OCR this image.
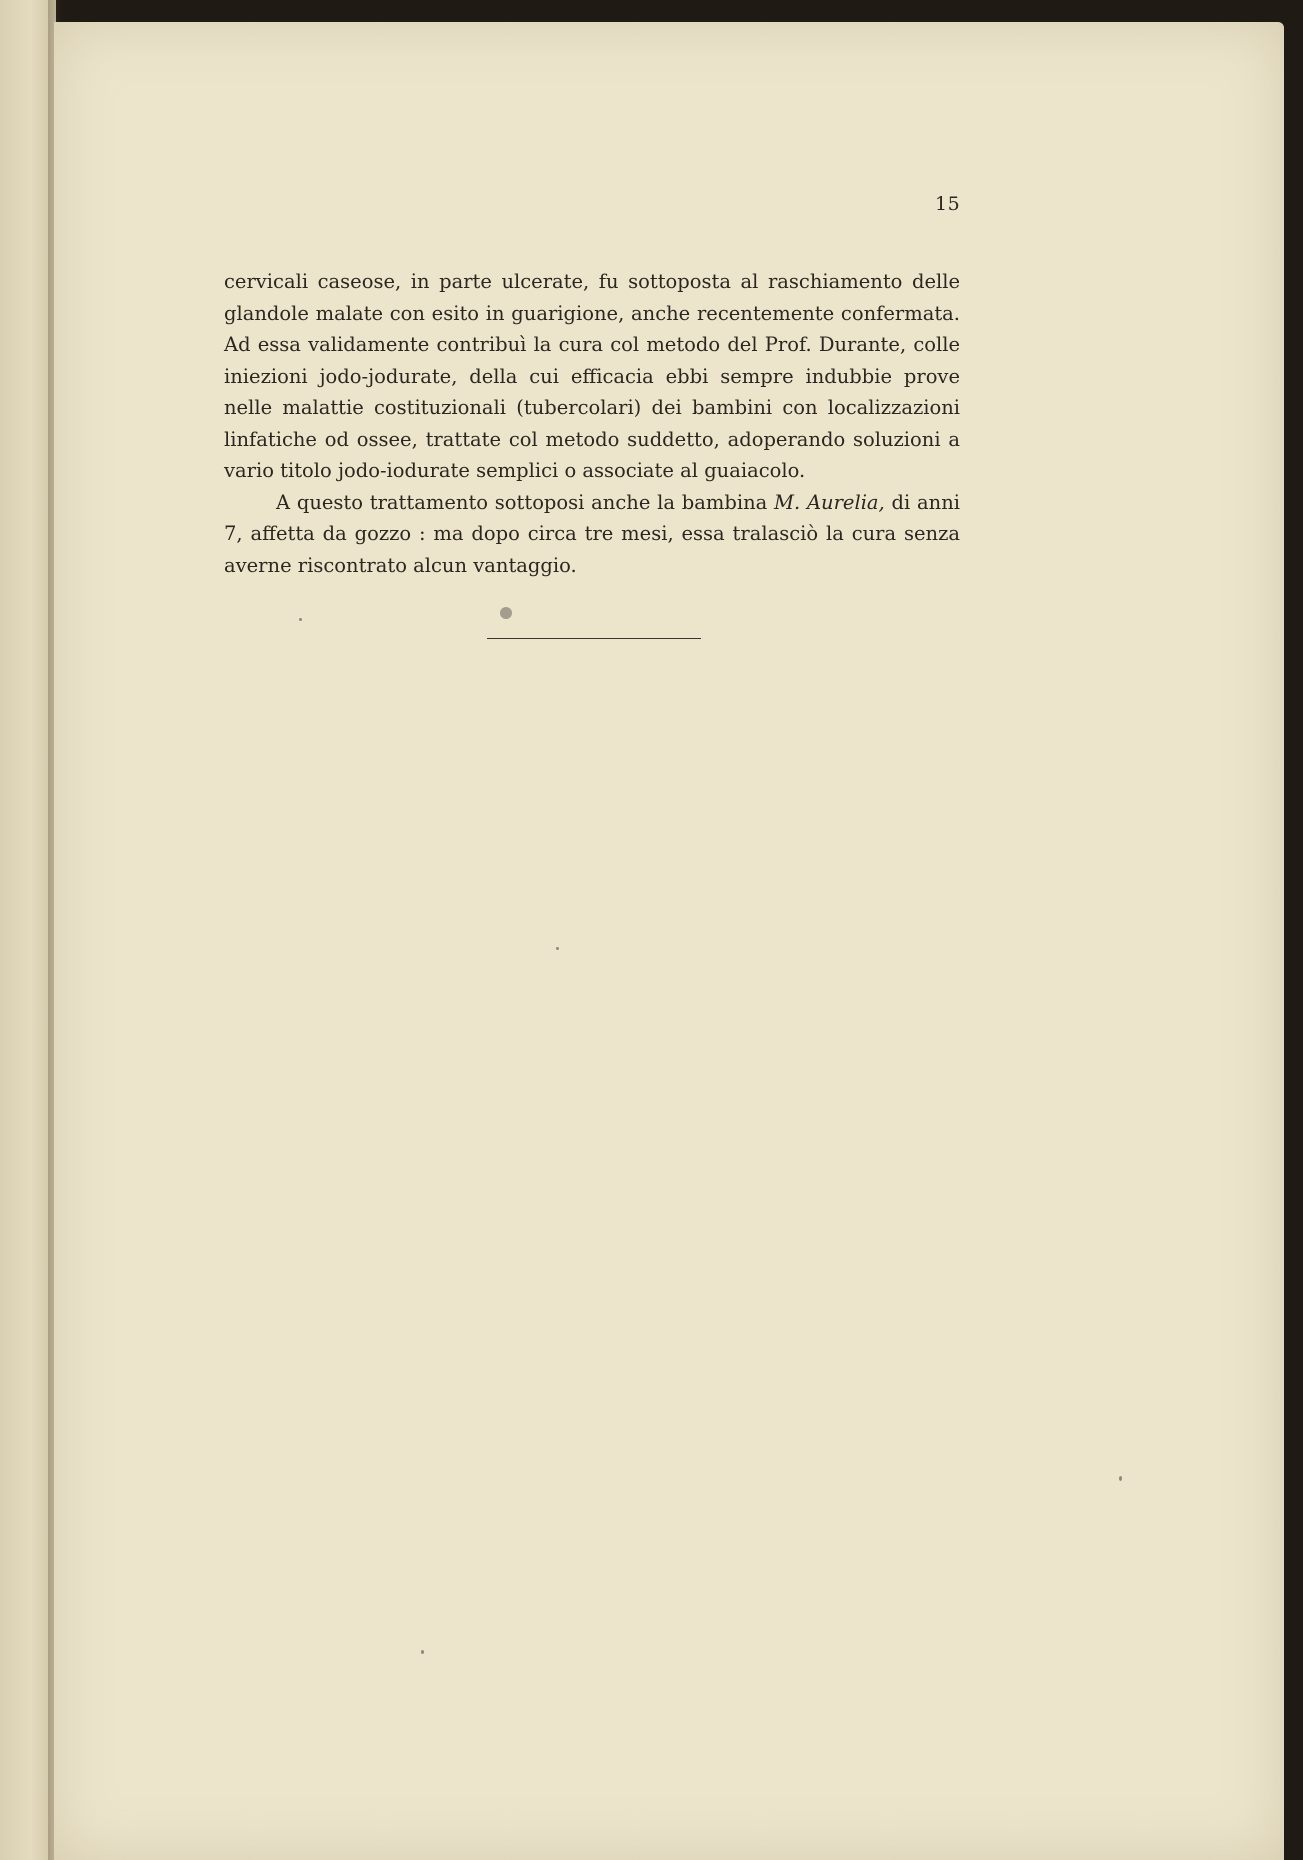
15

cervicali caseose, in parte ulcerate, fu sottoposta al raschiamento delle glandole malate con esito in guarigione, anche recentemente confermata. Ad essa validamente contribuì la cura col metodo del Prof. Durante, colle iniezioni jodo-jodurate, della cui efficacia ebbi sempre indubbie prove nelle malattie costituzionali (tubercolari) dei bambini con localizzazioni linfatiche od ossee, trattate col metodo suddetto, adoperando soluzioni a vario titolo jodo-iodurate semplici o associate al guaiacolo.

A questo trattamento sottoposi anche la bambina M. Aurelia, di anni 7, affetta da gozzo : ma dopo circa tre mesi, essa tralasciò la cura senza averne riscontrato alcun vantaggio.
